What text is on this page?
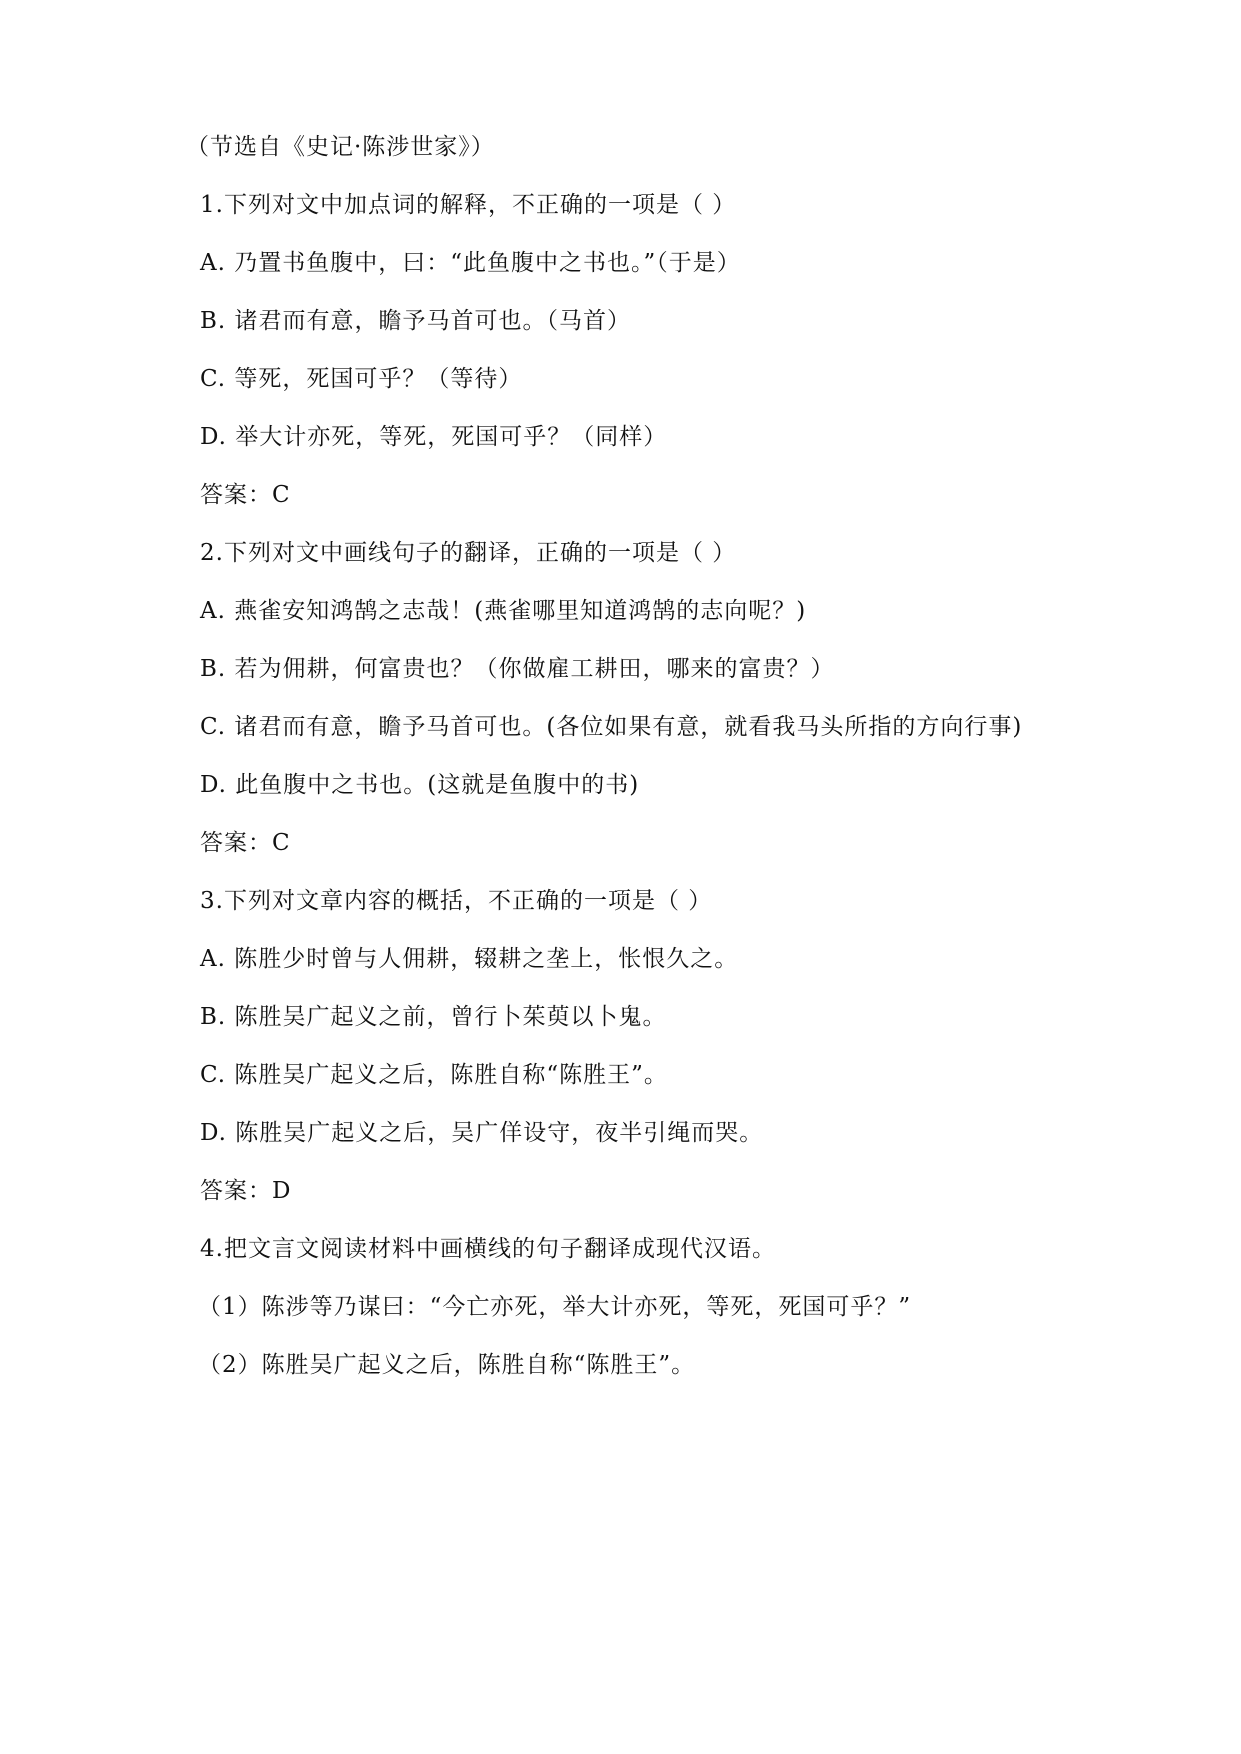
（节选自《史记·陈涉世家》）
1.下列对文中加点词的解释，不正确的一项是（ ）
A. 乃置书鱼腹中，曰：“此鱼腹中之书也。”（于是）
B. 诸君而有意，瞻予马首可也。（马首）
C. 等死，死国可乎？（等待）
D. 举大计亦死，等死，死国可乎？（同样）
答案：C
2.下列对文中画线句子的翻译，正确的一项是（ ）
A. 燕雀安知鸿鹄之志哉！(燕雀哪里知道鸿鹄的志向呢？)
B. 若为佣耕，何富贵也？（你做雇工耕田，哪来的富贵？）
C. 诸君而有意，瞻予马首可也。(各位如果有意，就看我马头所指的方向行事)
D. 此鱼腹中之书也。(这就是鱼腹中的书)
答案：C
3.下列对文章内容的概括，不正确的一项是（ ）
A. 陈胜少时曾与人佣耕，辍耕之垄上，怅恨久之。
B. 陈胜吴广起义之前，曾行卜茱萸以卜鬼。
C. 陈胜吴广起义之后，陈胜自称“陈胜王”。
D. 陈胜吴广起义之后，吴广佯设守，夜半引绳而哭。
答案：D
4.把文言文阅读材料中画横线的句子翻译成现代汉语。
（1）陈涉等乃谋曰：“今亡亦死，举大计亦死，等死，死国可乎？”
（2）陈胜吴广起义之后，陈胜自称“陈胜王”。
